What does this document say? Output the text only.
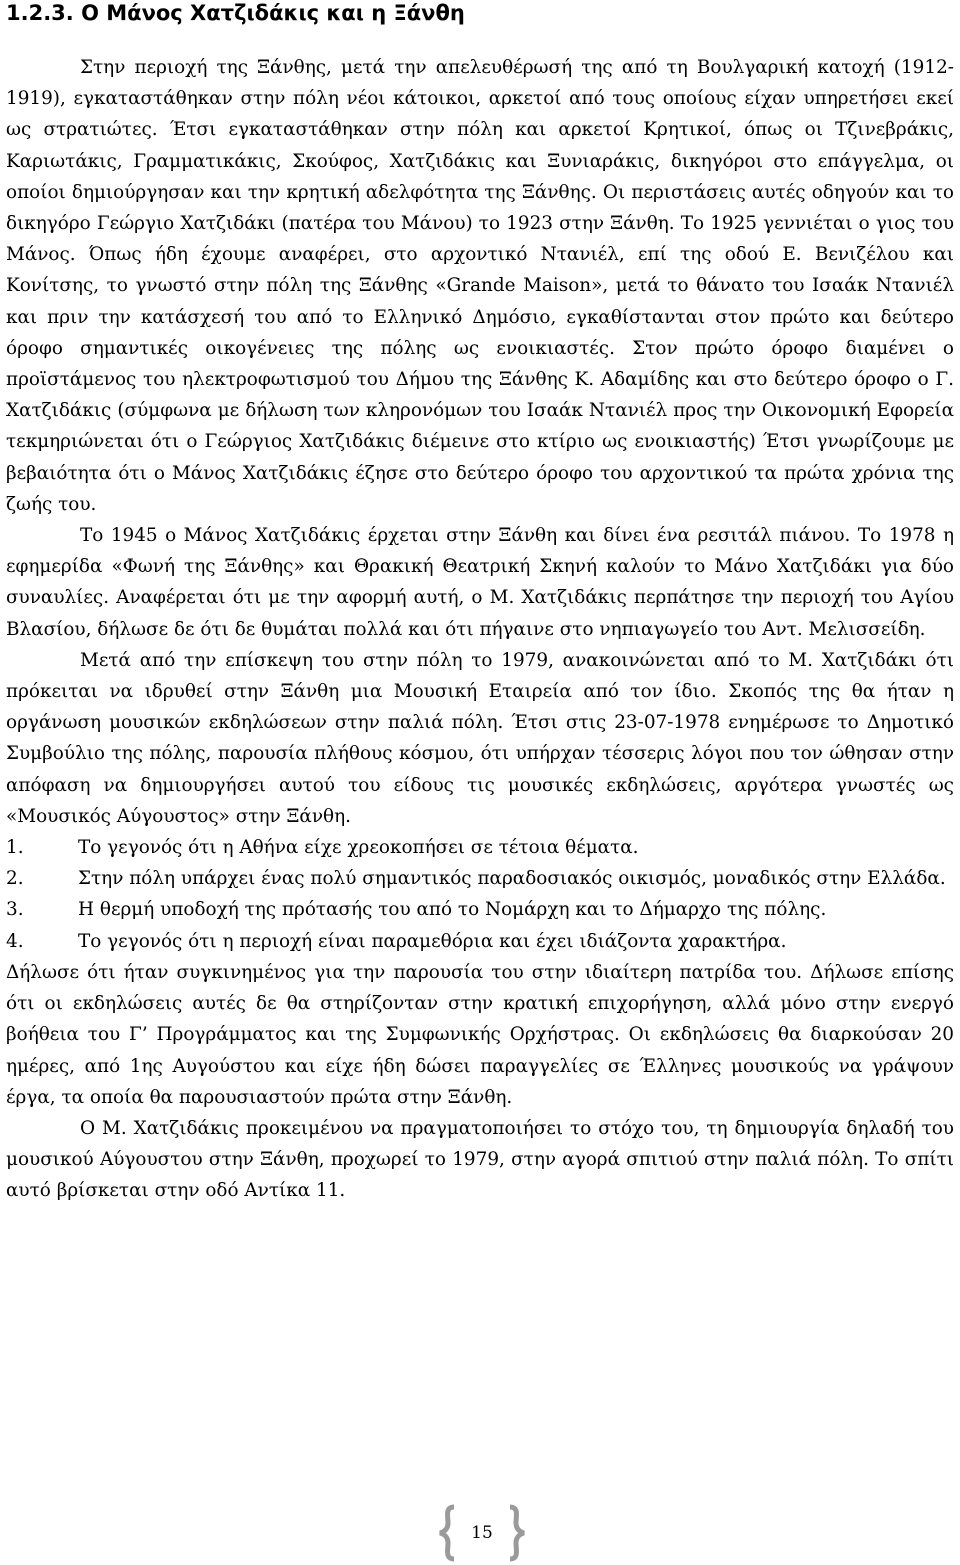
1.2.3. Ο Μάνος Χατζιδάκις και η Ξάνθη

Στην περιοχή της Ξάνθης, μετά την απελευθέρωσή της από τη Βουλγαρική κατοχή (1912-1919), εγκαταστάθηκαν στην πόλη νέοι κάτοικοι, αρκετοί από τους οποίους είχαν υπηρετήσει εκεί ως στρατιώτες. Έτσι εγκαταστάθηκαν στην πόλη και αρκετοί Κρητικοί, όπως οι Τζινεβράκις, Καριωτάκις, Γραμματικάκις, Σκούφος, Χατζιδάκις και Ξυνιαράκις, δικηγόροι στο επάγγελμα, οι οποίοι δημιούργησαν και την κρητική αδελφότητα της Ξάνθης. Οι περιστάσεις αυτές οδηγούν και το δικηγόρο Γεώργιο Χατζιδάκι (πατέρα του Μάνου) το 1923 στην Ξάνθη. Το 1925 γεννιέται ο γιος του Μάνος. Όπως ήδη έχουμε αναφέρει, στο αρχοντικό Ντανιέλ, επί της οδού Ε. Βενιζέλου και Κονίτσης, το γνωστό στην πόλη της Ξάνθης «Grande Maison», μετά το θάνατο του Ισαάκ Ντανιέλ και πριν την κατάσχεσή του από το Ελληνικό Δημόσιο, εγκαθίστανται στον πρώτο και δεύτερο όροφο σημαντικές οικογένειες της πόλης ως ενοικιαστές. Στον πρώτο όροφο διαμένει ο προϊστάμενος του ηλεκτροφωτισμού του Δήμου της Ξάνθης Κ. Αδαμίδης και στο δεύτερο όροφο ο Γ. Χατζιδάκις (σύμφωνα με δήλωση των κληρονόμων του Ισαάκ Ντανιέλ προς την Οικονομική Εφορεία τεκμηριώνεται ότι ο Γεώργιος Χατζιδάκις διέμεινε στο κτίριο ως ενοικιαστής) Έτσι γνωρίζουμε με βεβαιότητα ότι ο Μάνος Χατζιδάκις έζησε στο δεύτερο όροφο του αρχοντικού τα πρώτα χρόνια της ζωής του.

Το 1945 ο Μάνος Χατζιδάκις έρχεται στην Ξάνθη και δίνει ένα ρεσιτάλ πιάνου. Το 1978 η εφημερίδα «Φωνή της Ξάνθης» και Θρακική Θεατρική Σκηνή καλούν το Μάνο Χατζιδάκι για δύο συναυλίες. Αναφέρεται ότι με την αφορμή αυτή, ο Μ. Χατζιδάκις περπάτησε την περιοχή του Αγίου Βλασίου, δήλωσε δε ότι δε θυμάται πολλά και ότι πήγαινε στο νηπιαγωγείο του Αντ. Μελισσείδη.

Μετά από την επίσκεψη του στην πόλη το 1979, ανακοινώνεται από το Μ. Χατζιδάκι ότι πρόκειται να ιδρυθεί στην Ξάνθη μια Μουσική Εταιρεία από τον ίδιο. Σκοπός της θα ήταν η οργάνωση μουσικών εκδηλώσεων στην παλιά πόλη. Έτσι στις 23-07-1978 ενημέρωσε το Δημοτικό Συμβούλιο της πόλης, παρουσία πλήθους κόσμου, ότι υπήρχαν τέσσερις λόγοι που τον ώθησαν στην απόφαση να δημιουργήσει αυτού του είδους τις μουσικές εκδηλώσεις, αργότερα γνωστές ως «Μουσικός Αύγουστος» στην Ξάνθη.

1.	Το γεγονός ότι η Αθήνα είχε χρεοκοπήσει σε τέτοια θέματα.
2.	Στην πόλη υπάρχει ένας πολύ σημαντικός παραδοσιακός οικισμός, μοναδικός στην Ελλάδα.
3.	Η θερμή υποδοχή της πρότασής του από το Νομάρχη και το Δήμαρχο της πόλης.
4.	Το γεγονός ότι η περιοχή είναι παραμεθόρια και έχει ιδιάζοντα χαρακτήρα.

Δήλωσε ότι ήταν συγκινημένος για την παρουσία του στην ιδιαίτερη πατρίδα του. Δήλωσε επίσης ότι οι εκδηλώσεις αυτές δε θα στηρίζονταν στην κρατική επιχορήγηση, αλλά μόνο στην ενεργό βοήθεια του Γ’ Προγράμματος και της Συμφωνικής Ορχήστρας. Οι εκδηλώσεις θα διαρκούσαν 20 ημέρες, από 1ης Αυγούστου και είχε ήδη δώσει παραγγελίες σε Έλληνες μουσικούς να γράψουν έργα, τα οποία θα παρουσιαστούν πρώτα στην Ξάνθη.

Ο Μ. Χατζιδάκις προκειμένου να πραγματοποιήσει το στόχο του, τη δημιουργία δηλαδή του μουσικού Αύγουστου στην Ξάνθη, προχωρεί το 1979, στην αγορά σπιτιού στην παλιά πόλη. Το σπίτι αυτό βρίσκεται στην οδό Αντίκα 11.

15
